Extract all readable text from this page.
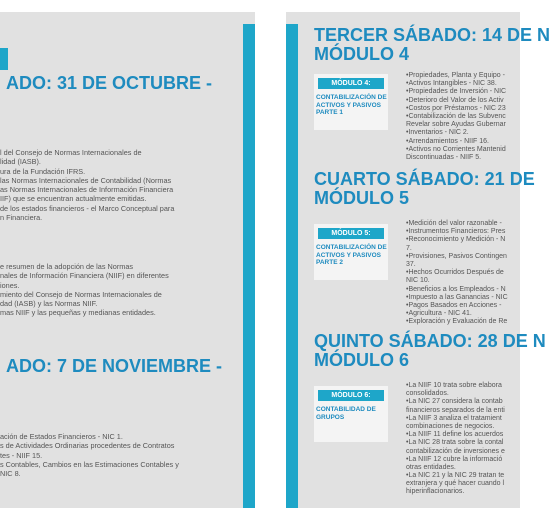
ADO: 31 DE OCTUBRE -
l del Consejo de Normas Internacionales de
lidad (IASB).
ura de la Fundación IFRS.
las Normas Internacionales de Contabilidad (Normas
as Normas Internacionales de Información Financiera
IIF) que se encuentran actualmente emitidas.
de los estados financieros - el Marco Conceptual para
n Financiera.
e resumen de la adopción de las Normas
nales de Información Financiera (NIIF) en diferentes
iones.
miento del Consejo de Normas Internacionales de
dad (IASB) y las Normas NIIF.
mas NIIF y las pequeñas y medianas entidades.
ADO: 7 DE NOVIEMBRE -
ación de Estados Financieros - NIC 1.
s de Actividades Ordinarias procedentes de Contratos
tes - NIIF 15.
s Contables, Cambios en las Estimaciones Contables y
NIC 8.
TERCER SÁBADO: 14 DE N
MÓDULO 4
MÓDULO 4:
CONTABILIZACIÓN DE ACTIVOS Y PASIVOS PARTE 1
•Propiedades, Planta y Equipo -
•Activos Intangibles - NIC 38.
•Propiedades de Inversión - NIC
•Deterioro del Valor de los Activ
•Costos por Préstamos - NIC 23
•Contabilización de las Subvenc
Revelar sobre Ayudas Gubernar
•Inventarios - NIC 2.
•Arrendamientos - NIIF 16.
•Activos no Corrientes Mantenid
Discontinuadas - NIIF 5.
CUARTO SÁBADO: 21 DE
MÓDULO 5
MÓDULO 5:
CONTABILIZACIÓN DE ACTIVOS Y PASIVOS PARTE 2
•Medición del valor razonable -
•Instrumentos Financieros: Pres
•Reconocimiento y Medición - N
7.
•Provisiones, Pasivos Contingen
37.
•Hechos Ocurridos Después de
NIC 10.
•Beneficios a los Empleados - N
•Impuesto a las Ganancias - NIC
•Pagos Basados en Acciones -
•Agricultura - NIC 41.
•Exploración y Evaluación de Re
QUINTO SÁBADO: 28 DE N
MÓDULO 6
MÓDULO 6:
CONTABILIDAD DE GRUPOS
•La NIIF 10 trata sobre elabora
consolidados.
•La NIC 27 considera la contab
financieros separados de la enti
•La NIIF 3 analiza el tratamient
combinaciones de negocios.
•La NIIF 11 define los acuerdos
•La NIC 28 trata sobre la contal
contabilización de inversiones e
•La NIIF 12 cubre la informació
otras entidades.
•La NIC 21 y la NIC 29 tratan te
extranjera y qué hacer cuando l
hiperinflacionarios.
